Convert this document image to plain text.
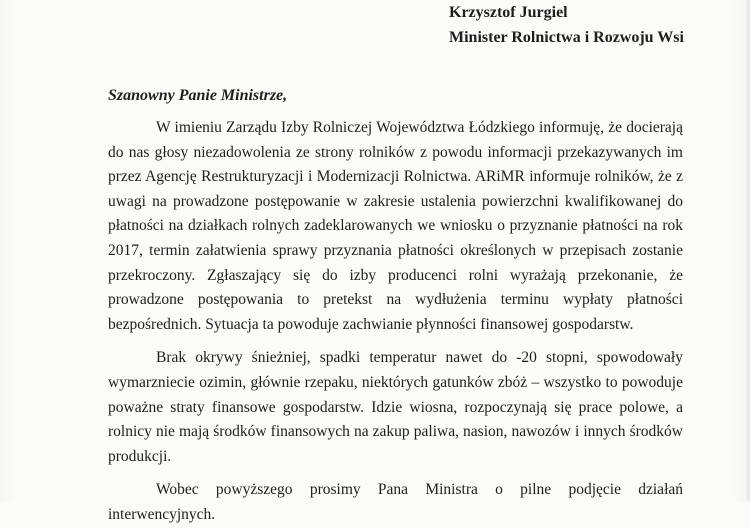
Krzysztof Jurgiel
Minister Rolnictwa i Rozwoju Wsi
Szanowny Panie Ministrze,

W imieniu Zarządu Izby Rolniczej Województwa Łódzkiego informuję, że docierają do nas głosy niezadowolenia ze strony rolników z powodu informacji przekazywanych im przez Agencję Restrukturyzacji i Modernizacji Rolnictwa. ARiMR informuje rolników, że z uwagi na prowadzone postępowanie w zakresie ustalenia powierzchni kwalifikowanej do płatności na działkach rolnych zadeklarowanych we wniosku o przyznanie płatności na rok 2017, termin załatwienia sprawy przyznania płatności określonych w przepisach zostanie przekroczony. Zgłaszający się do izby producenci rolni wyrażają przekonanie, że prowadzone postępowania to pretekst na wydłużenia terminu wypłaty płatności bezpośrednich. Sytuacja ta powoduje zachwianie płynności finansowej gospodarstw.

Brak okrywy śnieżniej, spadki temperatur nawet do -20 stopni, spowodowały wymarzniecie ozimin, głównie rzepaku, niektórych gatunków zbóż – wszystko to powoduje poważne straty finansowe gospodarstw. Idzie wiosna, rozpoczynają się prace polowe, a rolnicy nie mają środków finansowych na zakup paliwa, nasion, nawozów i innych środków produkcji.

Wobec powyższego prosimy Pana Ministra o pilne podjęcie działań interwencyjnych.
